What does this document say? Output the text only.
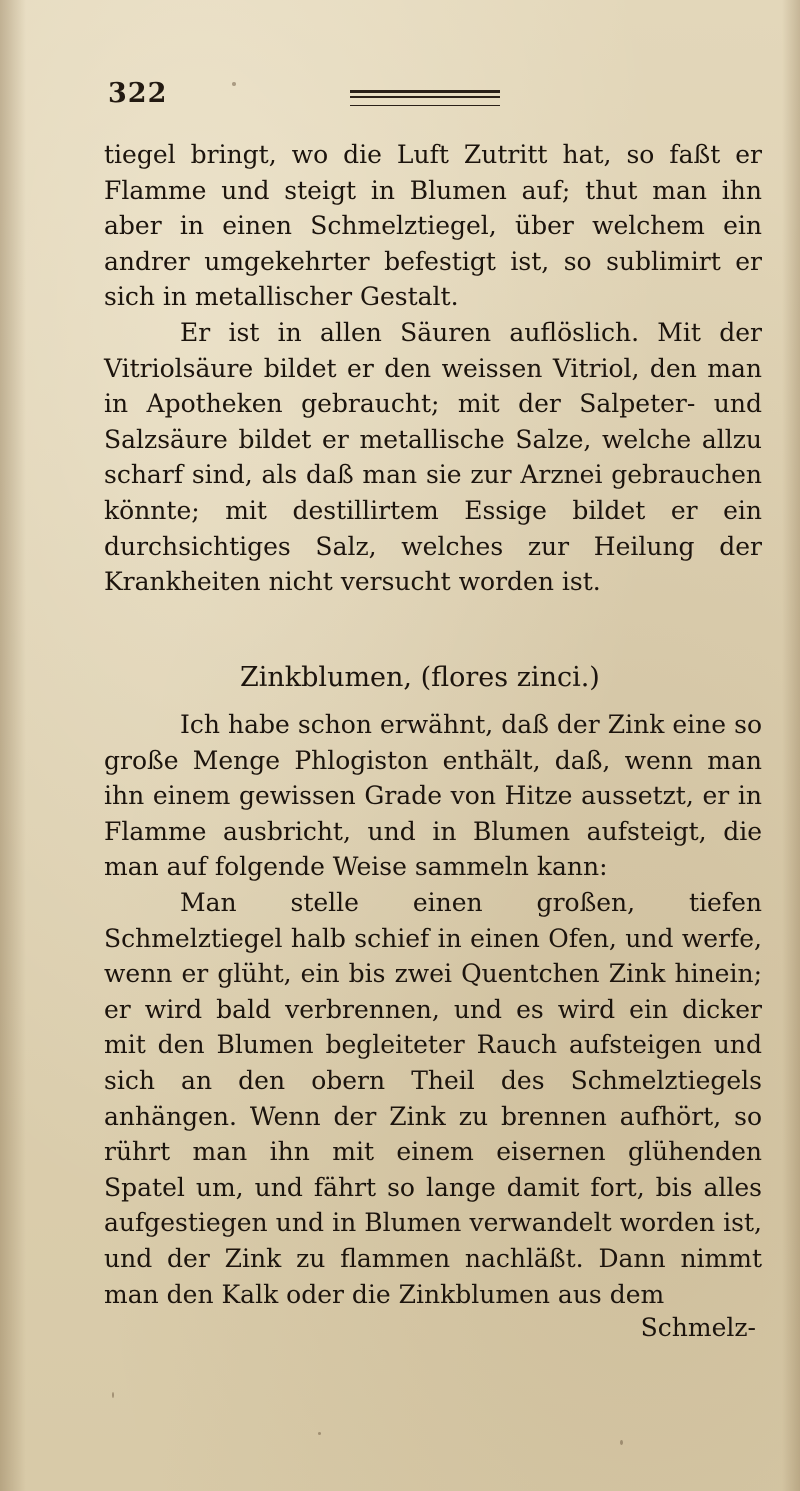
322

tiegel bringt, wo die Luft Zutritt hat, so faßt er Flamme und steigt in Blumen auf; thut man ihn aber in einen Schmelztiegel, über welchem ein andrer umgekehrter befestigt ist, so sublimirt er sich in metallischer Gestalt.

Er ist in allen Säuren auflöslich. Mit der Vitriolsäure bildet er den weissen Vitriol, den man in Apotheken gebraucht; mit der Salpeter- und Salzsäure bildet er metallische Salze, welche allzu scharf sind, als daß man sie zur Arznei gebrauchen könnte; mit destillirtem Essige bildet er ein durchsichtiges Salz, welches zur Heilung der Krankheiten nicht versucht worden ist.

Zinkblumen, (flores zinci.)

Ich habe schon erwähnt, daß der Zink eine so große Menge Phlogiston enthält, daß, wenn man ihn einem gewissen Grade von Hitze aussetzt, er in Flamme ausbricht, und in Blumen aufsteigt, die man auf folgende Weise sammeln kann:

Man stelle einen großen, tiefen Schmelztiegel halb schief in einen Ofen, und werfe, wenn er glüht, ein bis zwei Quentchen Zink hinein; er wird bald verbrennen, und es wird ein dicker mit den Blumen begleiteter Rauch aufsteigen und sich an den obern Theil des Schmelztiegels anhängen. Wenn der Zink zu brennen aufhört, so rührt man ihn mit einem eisernen glühenden Spatel um, und fährt so lange damit fort, bis alles aufgestiegen und in Blumen verwandelt worden ist, und der Zink zu flammen nachläßt. Dann nimmt man den Kalk oder die Zinkblumen aus dem

Schmelz-
